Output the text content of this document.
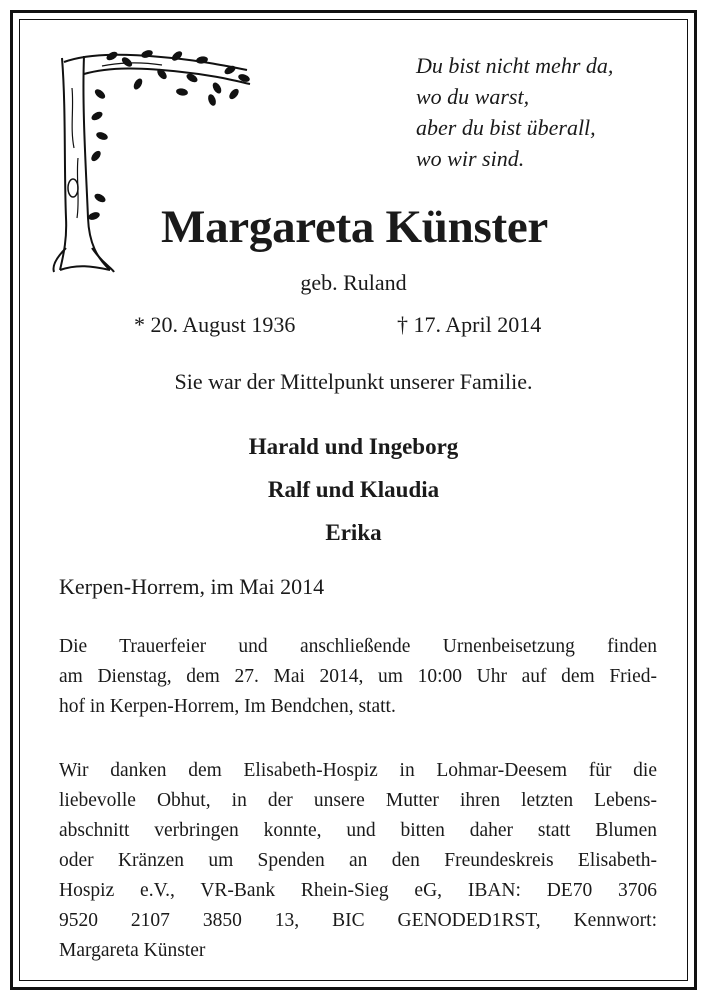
Du bist nicht mehr da,
wo du warst,
aber du bist überall,
wo wir sind.
Margareta Künster
geb. Ruland
* 20. August 1936	† 17. April 2014
Sie war der Mittelpunkt unserer Familie.
Harald und Ingeborg
Ralf und Klaudia
Erika
Kerpen-Horrem, im Mai 2014
Die Trauerfeier und anschließende Urnenbeisetzung finden
am Dienstag, dem 27. Mai 2014, um 10:00 Uhr auf dem Fried-
hof in Kerpen-Horrem, Im Bendchen, statt.
Wir danken dem Elisabeth-Hospiz in Lohmar-Deesem für die
liebevolle Obhut, in der unsere Mutter ihren letzten Lebens-
abschnitt verbringen konnte, und bitten daher statt Blumen
oder Kränzen um Spenden an den Freundeskreis Elisabeth-
Hospiz e.V., VR-Bank Rhein-Sieg eG, IBAN: DE70 3706
9520 2107 3850 13, BIC GENODED1RST, Kennwort:
Margareta Künster
